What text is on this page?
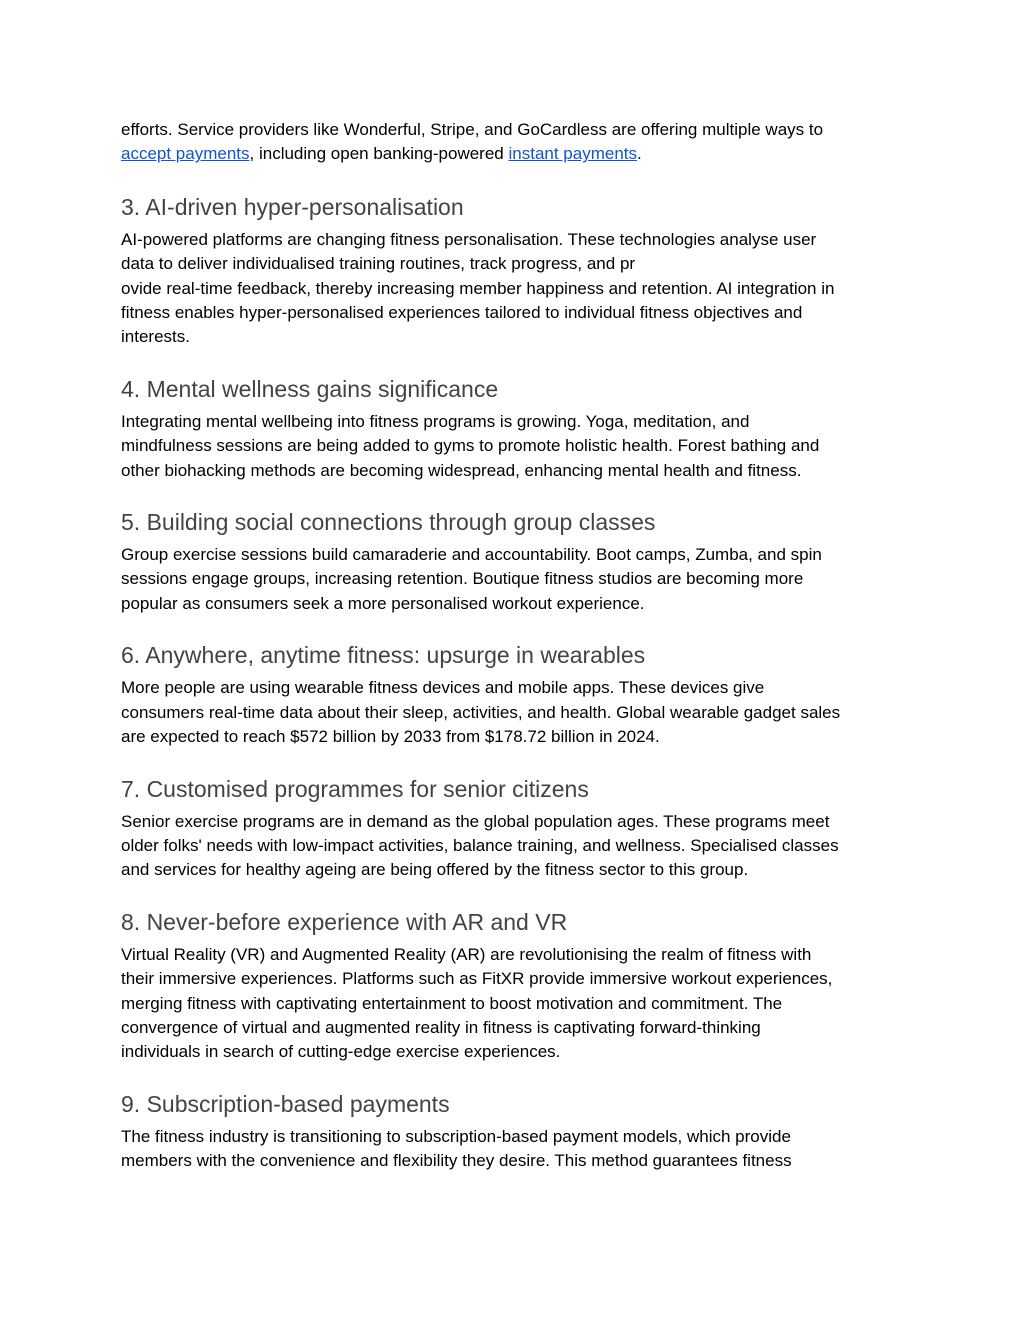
efforts. Service providers like Wonderful, Stripe, and GoCardless are offering multiple ways to

accept payments, including open banking-powered instant payments.

3. AI-driven hyper-personalisation

AI-powered platforms are changing fitness personalisation. These technologies analyse user

data to deliver individualised training routines, track progress, and pr

ovide real-time feedback, thereby increasing member happiness and retention. AI integration in

fitness enables hyper-personalised experiences tailored to individual fitness objectives and

interests.

4. Mental wellness gains significance

Integrating mental wellbeing into fitness programs is growing. Yoga, meditation, and

mindfulness sessions are being added to gyms to promote holistic health. Forest bathing and

other biohacking methods are becoming widespread, enhancing mental health and fitness.

5. Building social connections through group classes

Group exercise sessions build camaraderie and accountability. Boot camps, Zumba, and spin

sessions engage groups, increasing retention. Boutique fitness studios are becoming more

popular as consumers seek a more personalised workout experience.

6. Anywhere, anytime fitness: upsurge in wearables

More people are using wearable fitness devices and mobile apps. These devices give

consumers real-time data about their sleep, activities, and health. Global wearable gadget sales

are expected to reach $572 billion by 2033 from $178.72 billion in 2024.

7. Customised programmes for senior citizens

Senior exercise programs are in demand as the global population ages. These programs meet

older folks' needs with low-impact activities, balance training, and wellness. Specialised classes

and services for healthy ageing are being offered by the fitness sector to this group.

8. Never-before experience with AR and VR

Virtual Reality (VR) and Augmented Reality (AR) are revolutionising the realm of fitness with

their immersive experiences. Platforms such as FitXR provide immersive workout experiences,

merging fitness with captivating entertainment to boost motivation and commitment. The

convergence of virtual and augmented reality in fitness is captivating forward-thinking

individuals in search of cutting-edge exercise experiences.

9. Subscription-based payments

The fitness industry is transitioning to subscription-based payment models, which provide

members with the convenience and flexibility they desire. This method guarantees fitness
